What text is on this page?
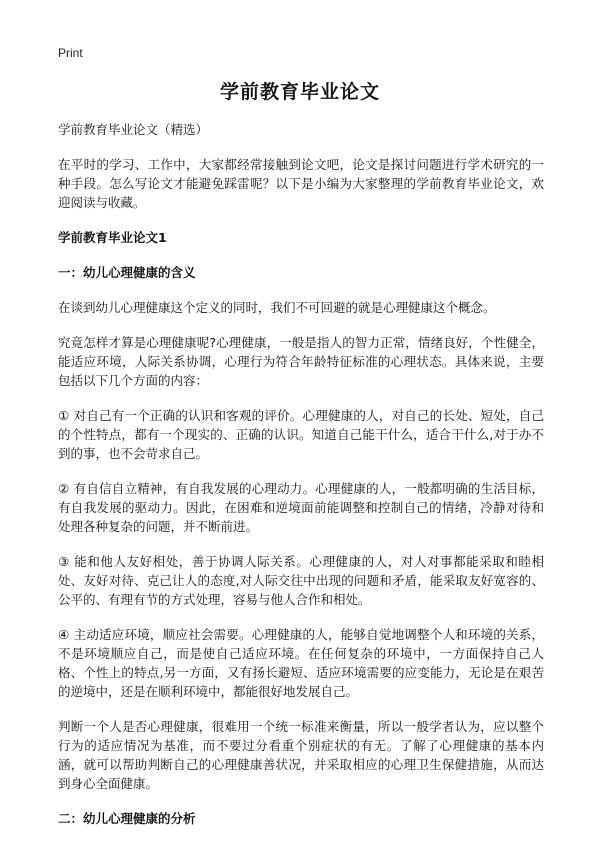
Print
学前教育毕业论文

学前教育毕业论文（精选）

在平时的学习、工作中，大家都经常接触到论文吧，论文是探讨问题进行学术研究的一种手段。怎么写论文才能避免踩雷呢？以下是小编为大家整理的学前教育毕业论文，欢迎阅读与收藏。

学前教育毕业论文1
一：幼儿心理健康的含义

在谈到幼儿心理健康这个定义的同时，我们不可回避的就是心理健康这个概念。

究竟怎样才算是心理健康呢?心理健康，一般是指人的智力正常，情绪良好，个性健全，能适应环境，人际关系协调，心理行为符合年龄特征标准的心理状态。具体来说，主要包括以下几个方面的内容：

① 对自己有一个正确的认识和客观的评价。心理健康的人，对自己的长处、短处，自己的个性特点，都有一个现实的、正确的认识。知道自己能干什么，适合干什么,对于办不到的事，也不会苛求自己。

② 有自信自立精神，有自我发展的心理动力。心理健康的人，一般都明确的生活目标，有自我发展的驱动力。因此，在困难和逆境面前能调整和控制自己的情绪，冷静对待和处理各种复杂的问题，并不断前进。

③ 能和他人友好相处，善于协调人际关系。心理健康的人，对人对事都能采取和睦相处、友好对待、克己让人的态度,对人际交往中出现的问题和矛盾，能采取友好宽容的、公平的、有理有节的方式处理，容易与他人合作和相处。

④ 主动适应环境，顺应社会需要。心理健康的人，能够自觉地调整个人和环境的关系，不是环境顺应自己，而是使自己适应环境。在任何复杂的环境中，一方面保持自己人格、个性上的特点,另一方面，又有扬长避短、适应环境需要的应变能力，无论是在艰苦的逆境中，还是在顺利环境中，都能很好地发展自己。

判断一个人是否心理健康，很难用一个统一标准来衡量，所以一般学者认为，应以整个行为的适应情况为基准，而不要过分看重个别症状的有无。了解了心理健康的基本内涵，就可以帮助判断自己的心理健康善状况，并采取相应的心理卫生保健措施，从而达到身心全面健康。

二：幼儿心理健康的分析
